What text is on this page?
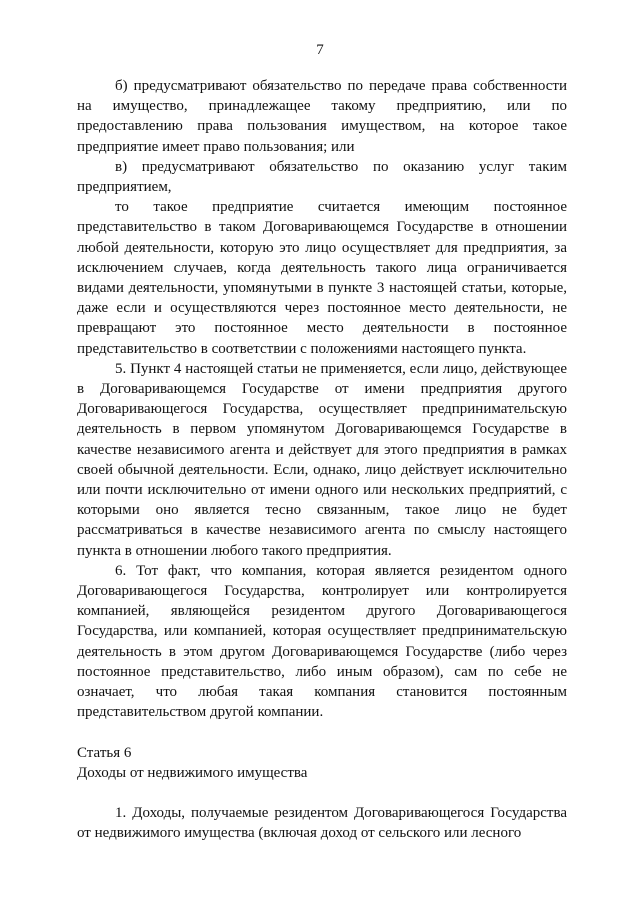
7

б) предусматривают обязательство по передаче права собственности на имущество, принадлежащее такому предприятию, или по предоставлению права пользования имуществом, на которое такое предприятие имеет право пользования; или

в) предусматривают обязательство по оказанию услуг таким предприятием,

то такое предприятие считается имеющим постоянное представительство в таком Договаривающемся Государстве в отношении любой деятельности, которую это лицо осуществляет для предприятия, за исключением случаев, когда деятельность такого лица ограничивается видами деятельности, упомянутыми в пункте 3 настоящей статьи, которые, даже если и осуществляются через постоянное место деятельности, не превращают это постоянное место деятельности в постоянное представительство в соответствии с положениями настоящего пункта.

5. Пункт 4 настоящей статьи не применяется, если лицо, действующее в Договаривающемся Государстве от имени предприятия другого Договаривающегося Государства, осуществляет предпринимательскую деятельность в первом упомянутом Договаривающемся Государстве в качестве независимого агента и действует для этого предприятия в рамках своей обычной деятельности. Если, однако, лицо действует исключительно или почти исключительно от имени одного или нескольких предприятий, с которыми оно является тесно связанным, такое лицо не будет рассматриваться в качестве независимого агента по смыслу настоящего пункта в отношении любого такого предприятия.

6. Тот факт, что компания, которая является резидентом одного Договаривающегося Государства, контролирует или контролируется компанией, являющейся резидентом другого Договаривающегося Государства, или компанией, которая осуществляет предпринимательскую деятельность в этом другом Договаривающемся Государстве (либо через постоянное представительство, либо иным образом), сам по себе не означает, что любая такая компания становится постоянным представительством другой компании.

Статья 6

Доходы от недвижимого имущества

1. Доходы, получаемые резидентом Договаривающегося Государства от недвижимого имущества (включая доход от сельского или лесного
